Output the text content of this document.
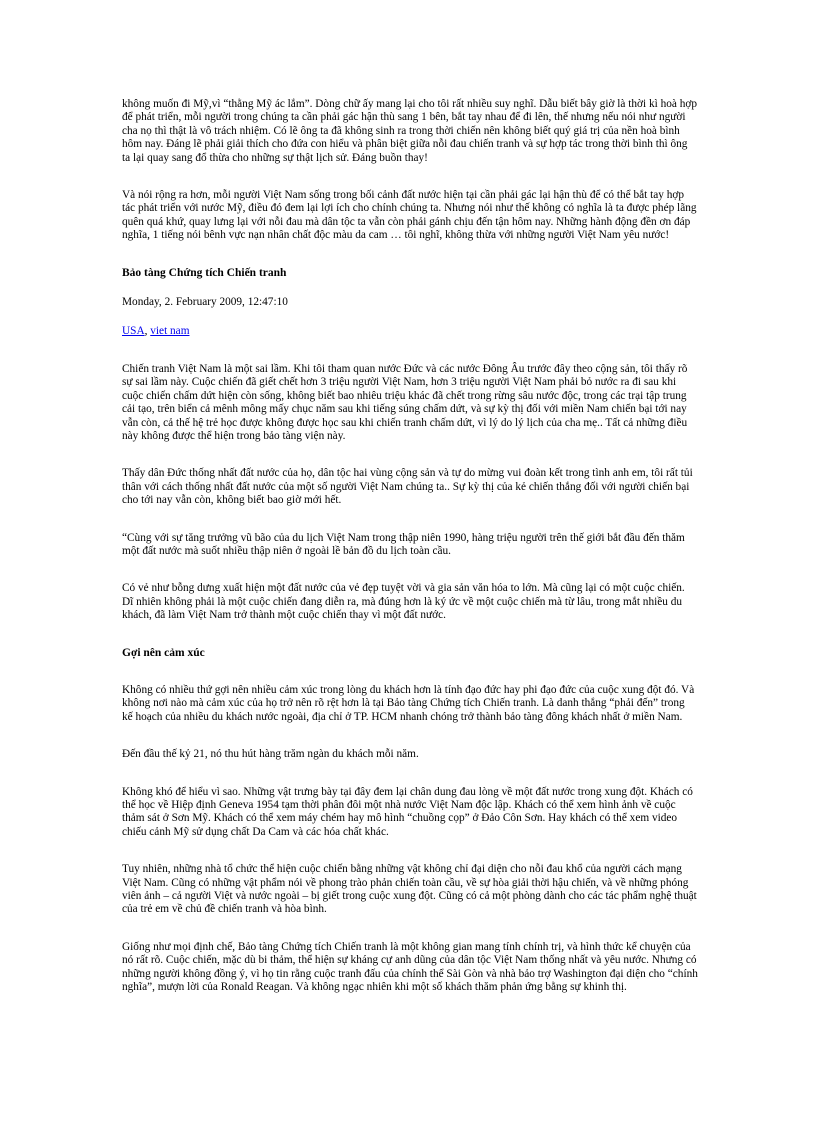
không muốn đi Mỹ,vì “thằng Mỹ ác lắm”. Dòng chữ ấy mang lại cho tôi rất nhiều suy nghĩ. Dẫu biết bây giờ là thời kì hoà hợp để phát triển, mỗi người trong chúng ta cần phải gác hận thù sang 1 bên, bắt tay nhau để đi lên, thế nhưng nếu nói như người cha nọ thì thật là vô trách nhiệm. Có lẽ ông ta đã không sinh ra trong thời chiến nên không biết quý giá trị của nền hoà bình hôm nay. Đáng lẽ phải giải thích cho đứa con hiểu và phân biệt giữa nỗi đau chiến tranh và sự hợp tác trong thời bình thì ông ta lại quay sang đổ thừa cho những sự thật lịch sử. Đáng buồn thay!

Và nói rộng ra hơn, mỗi người Việt Nam sống trong bối cảnh đất nước hiện tại cần phải gác lại hận thù để có thể bắt tay hợp tác phát triển với nước Mỹ, điều đó đem lại lợi ích cho chính chúng ta. Nhưng nói như thế không có nghĩa là ta được phép lãng quên quá khứ, quay lưng lại với nỗi đau mà dân tộc ta vẫn còn phải gánh chịu đến tận hôm nay. Những hành động đền ơn đáp nghĩa, 1 tiếng nói bênh vực nạn nhân chất độc màu da cam … tôi nghĩ, không thừa với những người Việt Nam yêu nước!

Bảo tàng Chứng tích Chiến tranh

Monday, 2. February 2009, 12:47:10

USA, viet nam

Chiến tranh Việt Nam là một sai lầm. Khi tôi tham quan nước Đức và các nước Đông Âu trước đây theo cộng sản, tôi thấy rõ sự sai lầm này. Cuộc chiến đã giết chết hơn 3 triệu người Việt Nam, hơn 3 triệu người Việt Nam phải bỏ nước ra đi sau khi cuộc chiến chấm dứt hiện còn sống, không biết bao nhiêu triệu khác đã chết trong rừng sâu nước độc, trong các trại tập trung cải tạo, trên biển cả mênh mông mấy chục năm sau khi tiếng súng chấm dứt, và sự kỳ thị đối với miền Nam chiến bại tới nay vẫn còn, cả thế hệ trẻ học được không được học sau khi chiến tranh chấm dứt, vì lý do lý lịch của cha mẹ.. Tất cả những điều này không được thể hiện trong bảo tàng viện này.

Thấy dân Đức thống nhất đất nước của họ, dân tộc hai vùng cộng sản và tự do mừng vui đoàn kết trong tình anh em, tôi rất tủi thân với cách thống nhất đất nước của một số người Việt Nam chúng ta.. Sự kỳ thị của kẻ chiến thắng đối với người chiến bại cho tới nay vẫn còn, không biết bao giờ mới hết.

“Cùng với sự tăng trưởng vũ bão của du lịch Việt Nam trong thập niên 1990, hàng triệu người trên thế giới bắt đầu đến thăm một đất nước mà suốt nhiều thập niên ở ngoài lề bản đồ du lịch toàn cầu.

Có vẻ như bỗng dưng xuất hiện một đất nước của vẻ đẹp tuyệt vời và gia sản văn hóa to lớn. Mà cũng lại có một cuộc chiến. Dĩ nhiên không phải là một cuộc chiến đang diễn ra, mà đúng hơn là ký ức về một cuộc chiến mà từ lâu, trong mắt nhiều du khách, đã làm Việt Nam trở thành một cuộc chiến thay vì một đất nước.

Gợi nên cảm xúc

Không có nhiều thứ gợi nên nhiều cảm xúc trong lòng du khách hơn là tính đạo đức hay phi đạo đức của cuộc xung đột đó. Và không nơi nào mà cảm xúc của họ trở nên rõ rệt hơn là tại Bảo tàng Chứng tích Chiến tranh. Là danh thắng “phải đến” trong kế hoạch của nhiều du khách nước ngoài, địa chỉ ở TP. HCM nhanh chóng trở thành bảo tàng đông khách nhất ở miền Nam.

Đến đầu thế kỷ 21, nó thu hút hàng trăm ngàn du khách mỗi năm.

Không khó để hiểu vì sao. Những vật trưng bày tại đây đem lại chân dung đau lòng về một đất nước trong xung đột. Khách có thể học về Hiệp định Geneva 1954 tạm thời phân đôi một nhà nước Việt Nam độc lập. Khách có thể xem hình ảnh về cuộc thảm sát ở Sơn Mỹ. Khách có thể xem máy chém hay mô hình “chuồng cọp” ở Đảo Côn Sơn. Hay khách có thể xem video chiếu cảnh Mỹ sử dụng chất Da Cam và các hóa chất khác.

Tuy nhiên, những nhà tổ chức thể hiện cuộc chiến bằng những vật không chỉ đại diện cho nỗi đau khổ của người cách mạng Việt Nam. Cũng có những vật phẩm nói về phong trào phản chiến toàn cầu, về sự hòa giải thời hậu chiến, và về những phóng viên ảnh – cả người Việt và nước ngoài – bị giết trong cuộc xung đột. Cũng có cả một phòng dành cho các tác phẩm nghệ thuật của trẻ em về chủ đề chiến tranh và hòa bình.

Giống như mọi định chế, Bảo tàng Chứng tích Chiến tranh là một không gian mang tính chính trị, và hình thức kể chuyện của nó rất rõ. Cuộc chiến, mặc dù bi thảm, thể hiện sự kháng cự anh dũng của dân tộc Việt Nam thống nhất và yêu nước. Nhưng có những người không đồng ý, vì họ tin rằng cuộc tranh đấu của chính thể Sài Gòn và nhà bảo trợ Washington đại diện cho “chính nghĩa”, mượn lời của Ronald Reagan. Và không ngạc nhiên khi một số khách thăm phản ứng bằng sự khinh thị.
